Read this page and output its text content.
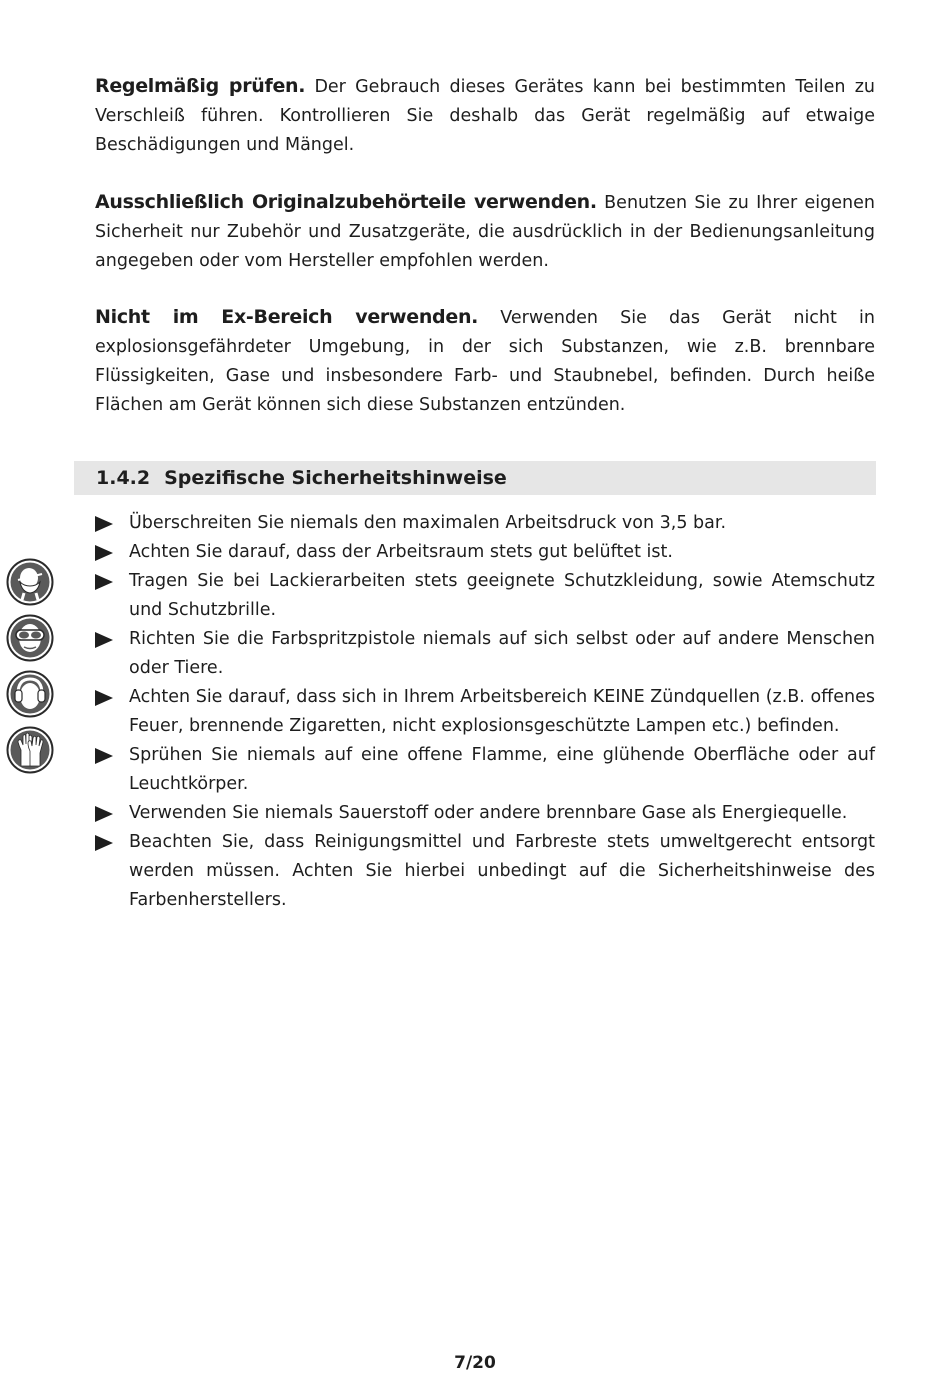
Regelmäßig prüfen. Der Gebrauch dieses Gerätes kann bei bestimmten Teilen zu Verschleiß führen. Kontrollieren Sie deshalb das Gerät regelmäßig auf etwaige Beschädigungen und Mängel.

Ausschließlich Originalzubehörteile verwenden. Benutzen Sie zu Ihrer eigenen Sicherheit nur Zubehör und Zusatzgeräte, die ausdrücklich in der Bedienungsanleitung angegeben oder vom Hersteller empfohlen werden.

Nicht im Ex-Bereich verwenden. Verwenden Sie das Gerät nicht in explosionsgefährdeter Umgebung, in der sich Substanzen, wie z.B. brennbare Flüssigkeiten, Gase und insbesondere Farb- und Staubnebel, befinden. Durch heiße Flächen am Gerät können sich diese Substanzen entzünden.

1.4.2 Spezifische Sicherheitshinweise
Überschreiten Sie niemals den maximalen Arbeitsdruck von 3,5 bar.
Achten Sie darauf, dass der Arbeitsraum stets gut belüftet ist.
Tragen Sie bei Lackierarbeiten stets geeignete Schutzkleidung, sowie Atemschutz und Schutzbrille.
Richten Sie die Farbspritzpistole niemals auf sich selbst oder auf andere Menschen oder Tiere.
Achten Sie darauf, dass sich in Ihrem Arbeitsbereich KEINE Zündquellen (z.B. offenes Feuer, brennende Zigaretten, nicht explosionsgeschützte Lampen etc.) befinden.
Sprühen Sie niemals auf eine offene Flamme, eine glühende Oberfläche oder auf Leuchtkörper.
Verwenden Sie niemals Sauerstoff oder andere brennbare Gase als Energiequelle.
Beachten Sie, dass Reinigungsmittel und Farbreste stets umweltgerecht entsorgt werden müssen. Achten Sie hierbei unbedingt auf die Sicherheitshinweise des Farbenherstellers.
7/20
